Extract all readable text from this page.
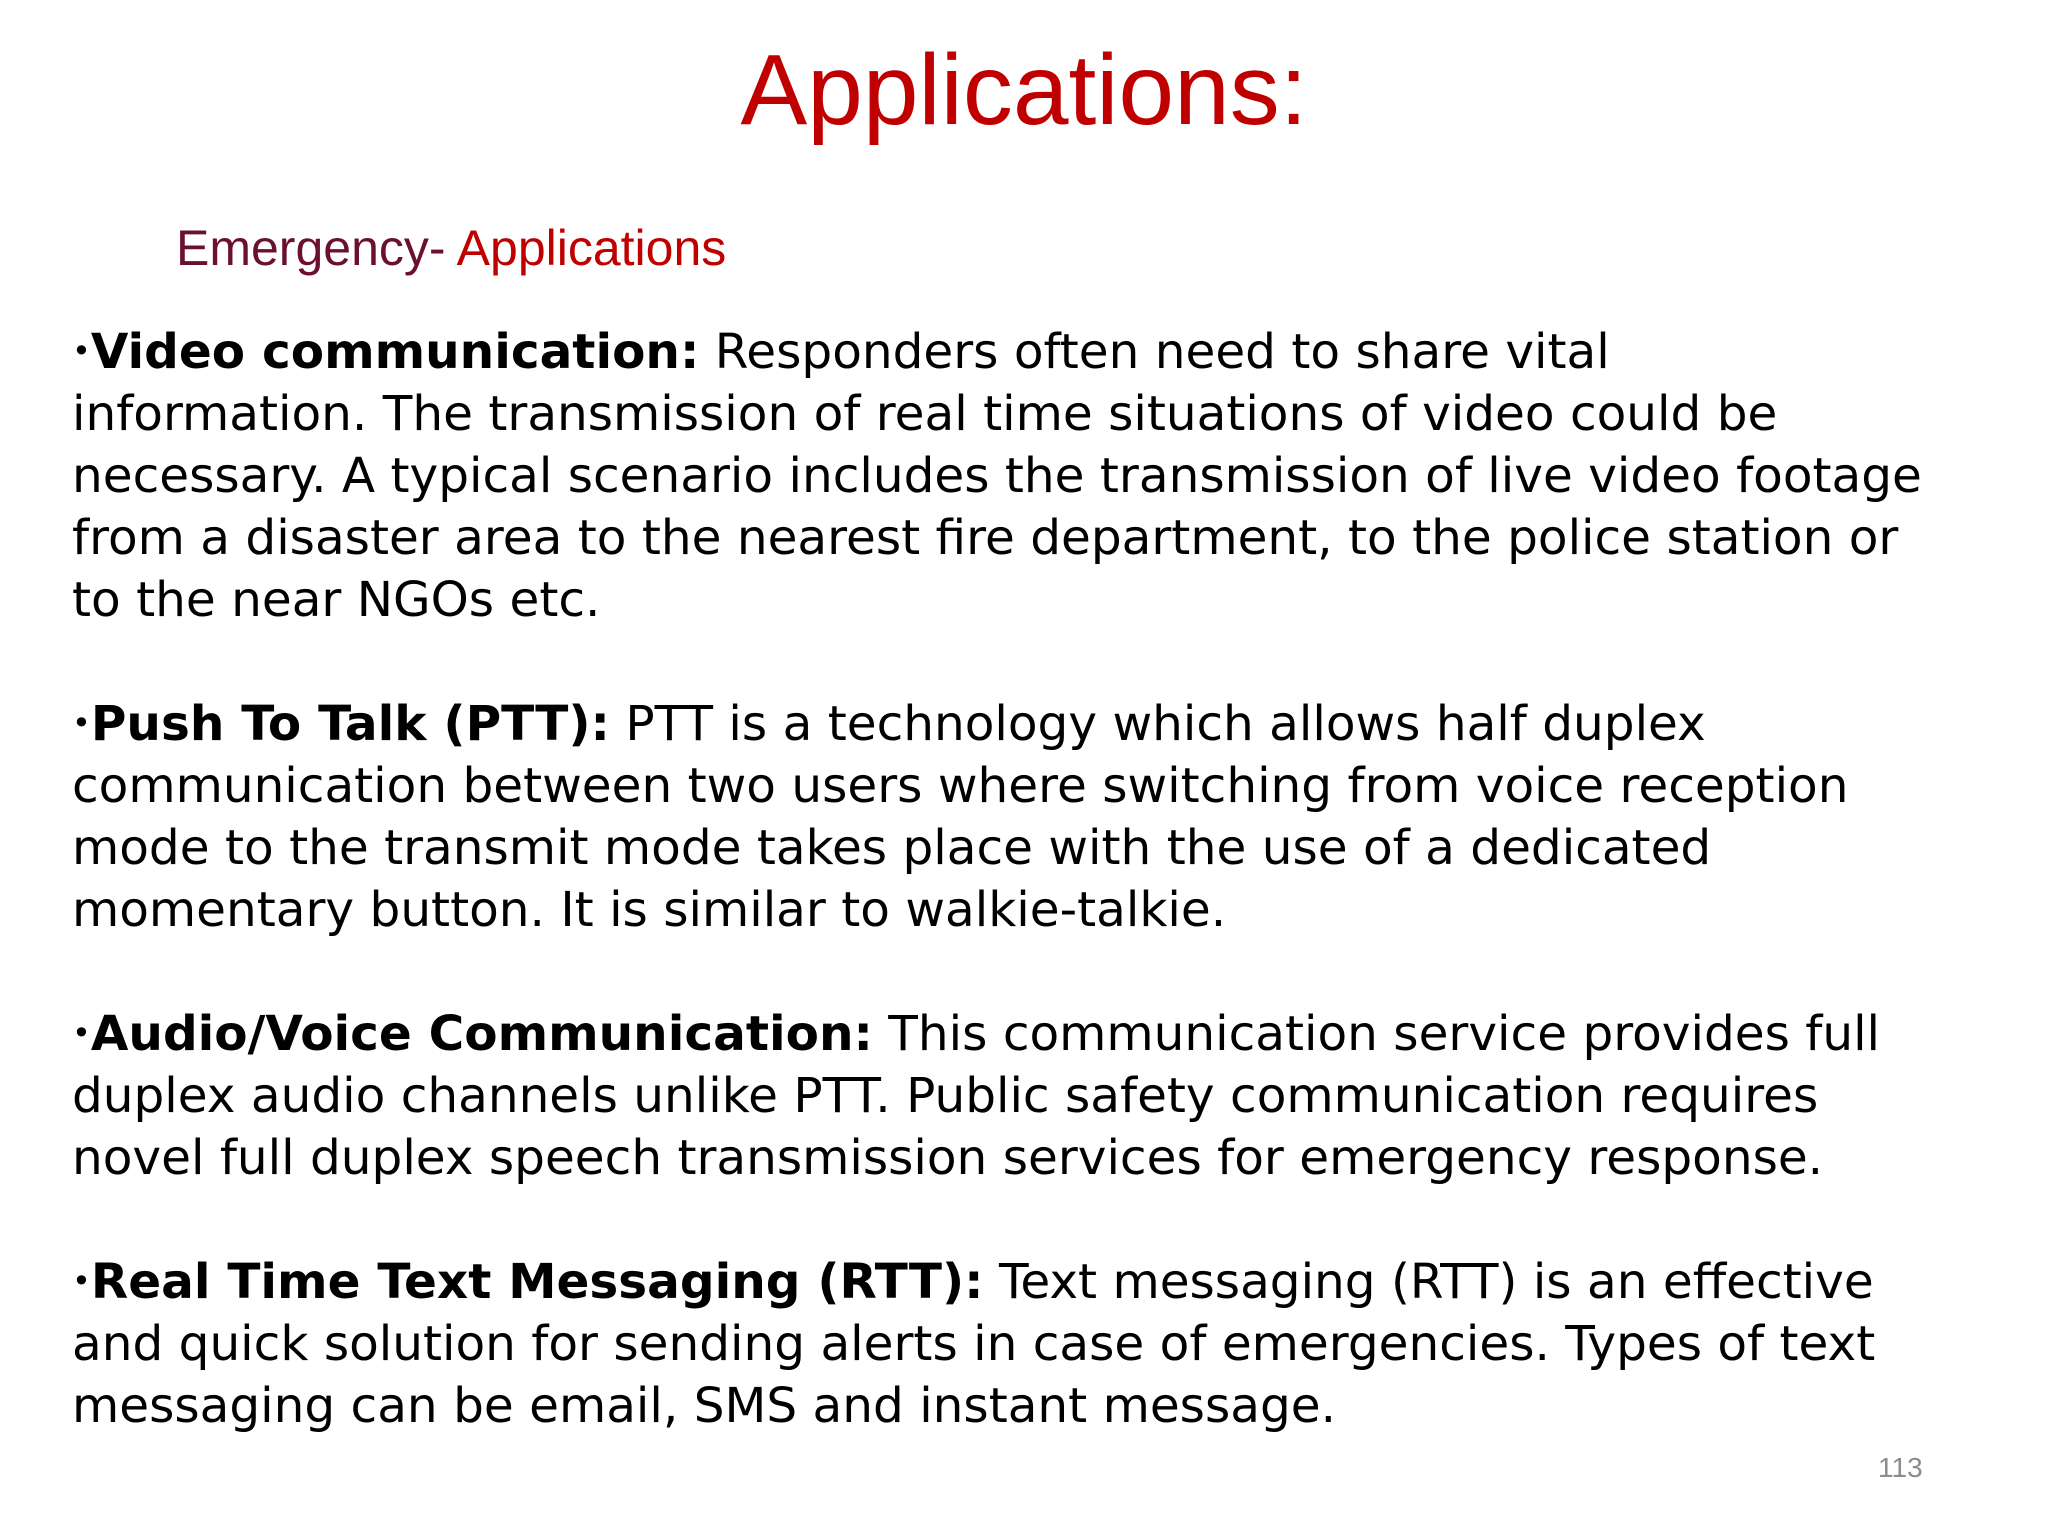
Applications:
Emergency- Applications
•Video communication: Responders often need to share vital
information. The transmission of real time situations of video could be
necessary. A typical scenario includes the transmission of live video footage
from a disaster area to the nearest fire department, to the police station or
to the near NGOs etc.
•Push To Talk (PTT): PTT is a technology which allows half duplex
communication between two users where switching from voice reception
mode to the transmit mode takes place with the use of a dedicated
momentary button. It is similar to walkie-talkie.
•Audio/Voice Communication: This communication service provides full
duplex audio channels unlike PTT. Public safety communication requires
novel full duplex speech transmission services for emergency response.
•Real Time Text Messaging (RTT): Text messaging (RTT) is an effective
and quick solution for sending alerts in case of emergencies. Types of text
messaging can be email, SMS and instant message.
113
